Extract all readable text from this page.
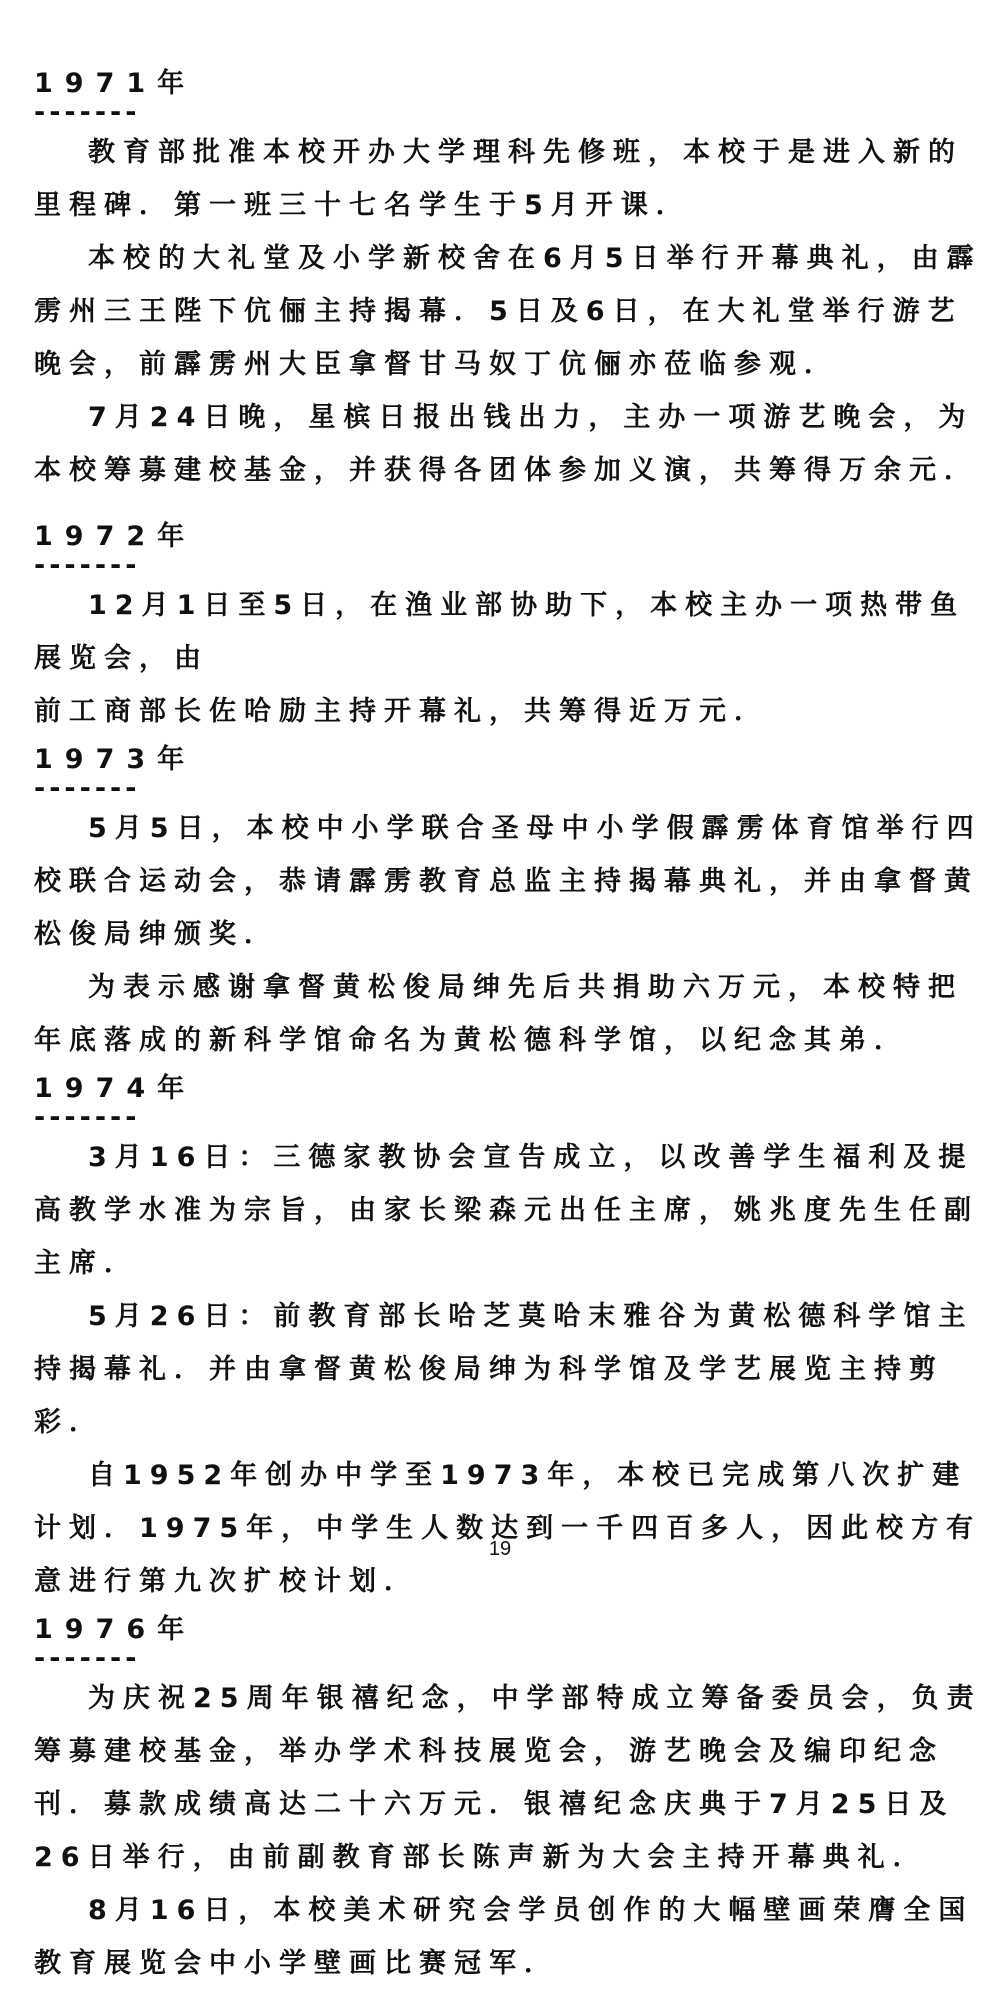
1971年
-------

教育部批准本校开办大学理科先修班，本校于是进入新的里程碑．第一班三十七名学生于5月开课．

本校的大礼堂及小学新校舍在6月5日举行开幕典礼，由霹雳州三王陛下伉俪主持揭幕．5日及6日，在大礼堂举行游艺晚会，前霹雳州大臣拿督甘马奴丁伉俪亦莅临参观．

7月24日晚，星槟日报出钱出力，主办一项游艺晚会，为本校筹募建校基金，并获得各团体参加义演，共筹得万余元．

1972年
-------

12月1日至5日，在渔业部协助下，本校主办一项热带鱼展览会，由

前工商部长佐哈励主持开幕礼，共筹得近万元．

1973年
-------

5月5日，本校中小学联合圣母中小学假霹雳体育馆举行四校联合运动会，恭请霹雳教育总监主持揭幕典礼，并由拿督黄松俊局绅颁奖．

为表示感谢拿督黄松俊局绅先后共捐助六万元，本校特把年底落成的新科学馆命名为黄松德科学馆，以纪念其弟．

1974年
-------

3月16日：三德家教协会宣告成立，以改善学生福利及提高教学水准为宗旨，由家长梁森元出任主席，姚兆度先生任副主席．

5月26日：前教育部长哈芝莫哈末雅谷为黄松德科学馆主持揭幕礼．并由拿督黄松俊局绅为科学馆及学艺展览主持剪彩．

自1952年创办中学至1973年，本校已完成第八次扩建计划．1975年，中学生人数达到一千四百多人，因此校方有意进行第九次扩校计划．

1976年
-------

为庆祝25周年银禧纪念，中学部特成立筹备委员会，负责筹募建校基金，举办学术科技展览会，游艺晚会及编印纪念刊．募款成绩高达二十六万元．银禧纪念庆典于7月25日及26日举行，由前副教育部长陈声新为大会主持开幕典礼．

8月16日，本校美术研究会学员创作的大幅壁画荣膺全国教育展览会中小学壁画比赛冠军．

19
